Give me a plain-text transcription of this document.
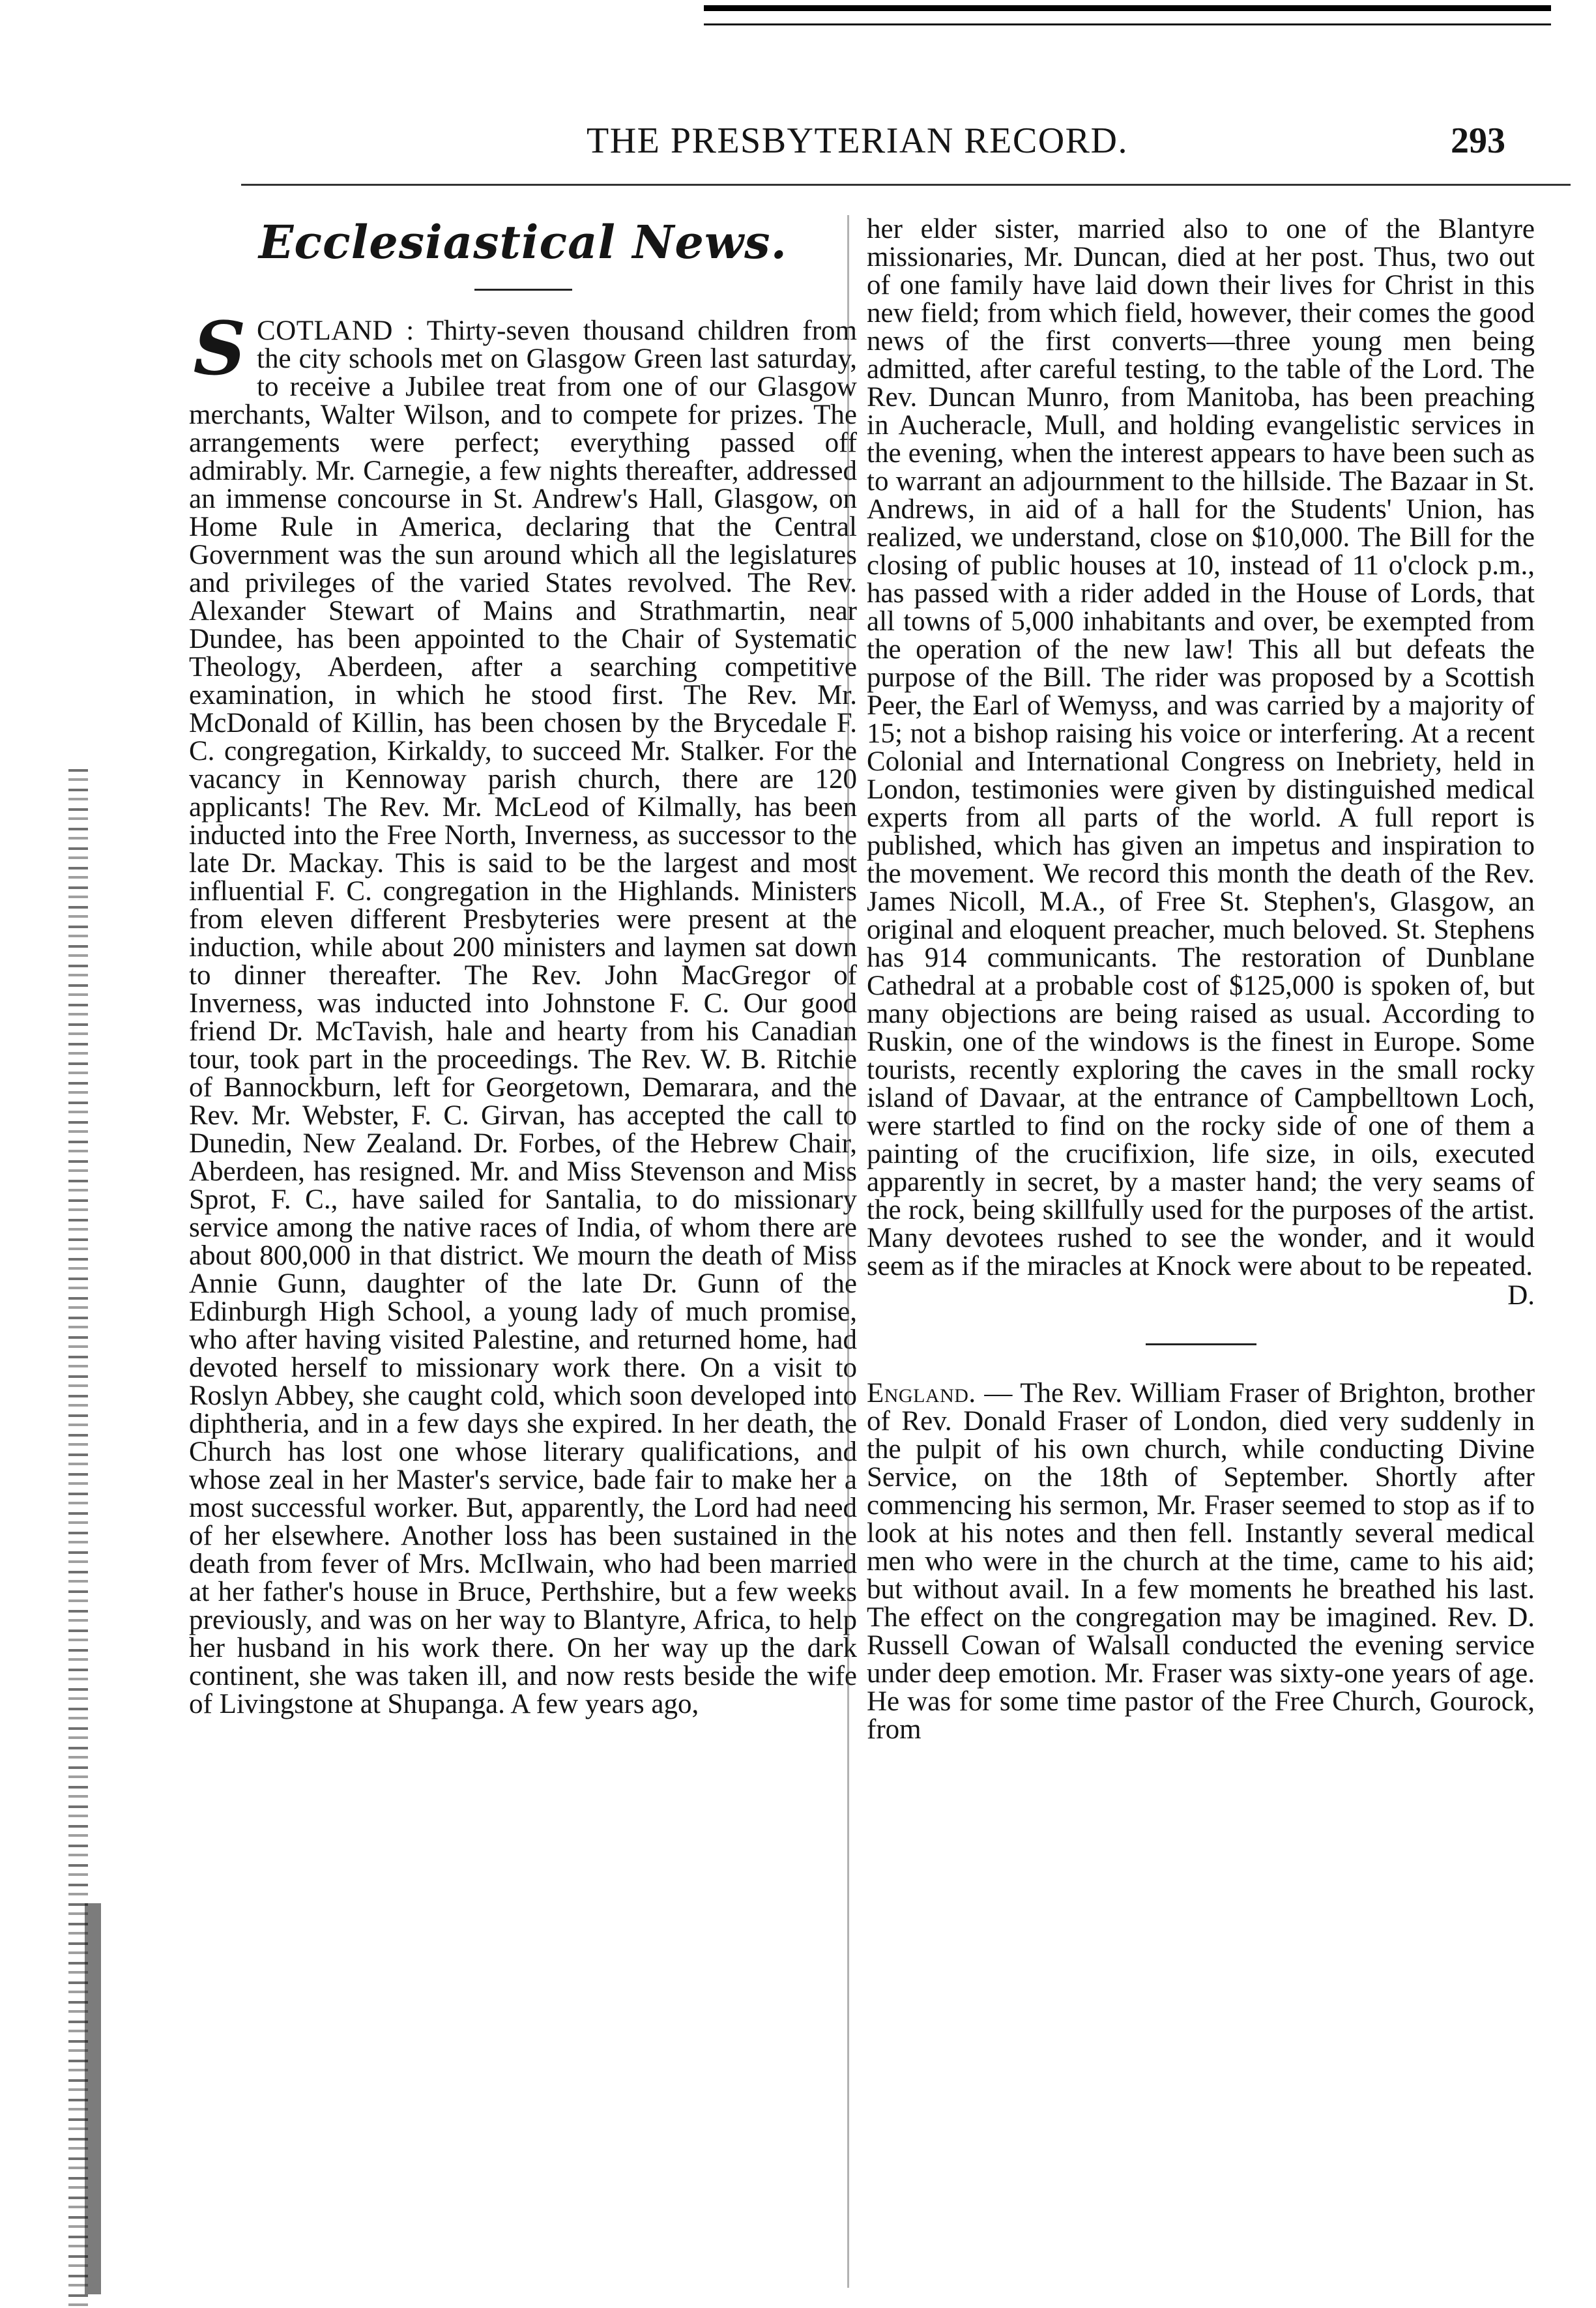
THE PRESBYTERIAN RECORD.	293
Ecclesiastical News.

S COTLAND : Thirty-seven thousand children from the city schools met on Glasgow Green last saturday, to receive a Jubilee treat from one of our Glasgow merchants, Walter Wilson, and to compete for prizes. The arrangements were perfect; everything passed off admirably. Mr. Carnegie, a few nights thereafter, addressed an immense concourse in St. Andrew's Hall, Glasgow, on Home Rule in America, declaring that the Central Government was the sun around which all the legislatures and privileges of the varied States revolved. The Rev. Alexander Stewart of Mains and Strathmartin, near Dundee, has been appointed to the Chair of Systematic Theology, Aberdeen, after a searching competitive examination, in which he stood first. The Rev. Mr. McDonald of Killin, has been chosen by the Brycedale F. C. congregation, Kirkaldy, to succeed Mr. Stalker. For the vacancy in Kennoway parish church, there are 120 applicants! The Rev. Mr. McLeod of Kilmally, has been inducted into the Free North, Inverness, as successor to the late Dr. Mackay. This is said to be the largest and most influential F. C. congregation in the Highlands. Ministers from eleven different Presbyteries were present at the induction, while about 200 ministers and laymen sat down to dinner thereafter. The Rev. John MacGregor of Inverness, was inducted into Johnstone F. C. Our good friend Dr. McTavish, hale and hearty from his Canadian tour, took part in the proceedings. The Rev. W. B. Ritchie of Bannockburn, left for Georgetown, Demarara, and the Rev. Mr. Webster, F. C. Girvan, has accepted the call to Dunedin, New Zealand. Dr. Forbes, of the Hebrew Chair, Aberdeen, has resigned. Mr. and Miss Stevenson and Miss Sprot, F. C., have sailed for Santalia, to do missionary service among the native races of India, of whom there are about 800,000 in that district. We mourn the death of Miss Annie Gunn, daughter of the late Dr. Gunn of the Edinburgh High School, a young lady of much promise, who after having visited Palestine, and returned home, had devoted herself to missionary work there. On a visit to Roslyn Abbey, she caught cold, which soon developed into diphtheria, and in a few days she expired. In her death, the Church has lost one whose literary qualifications, and whose zeal in her Master's service, bade fair to make her a most successful worker. But, apparently, the Lord had need of her elsewhere. Another loss has been sustained in the death from fever of Mrs. McIlwain, who had been married at her father's house in Bruce, Perthshire, but a few weeks previously, and was on her way to Blantyre, Africa, to help her husband in his work there. On her way up the dark continent, she was taken ill, and now rests beside the wife of Livingstone at Shupanga. A few years ago,

her elder sister, married also to one of the Blantyre missionaries, Mr. Duncan, died at her post. Thus, two out of one family have laid down their lives for Christ in this new field; from which field, however, their comes the good news of the first converts—three young men being admitted, after careful testing, to the table of the Lord. The Rev. Duncan Munro, from Manitoba, has been preaching in Aucheracle, Mull, and holding evangelistic services in the evening, when the interest appears to have been such as to warrant an adjournment to the hillside. The Bazaar in St. Andrews, in aid of a hall for the Students' Union, has realized, we understand, close on $10,000. The Bill for the closing of public houses at 10, instead of 11 o'clock p.m., has passed with a rider added in the House of Lords, that all towns of 5,000 inhabitants and over, be exempted from the operation of the new law! This all but defeats the purpose of the Bill. The rider was proposed by a Scottish Peer, the Earl of Wemyss, and was carried by a majority of 15; not a bishop raising his voice or interfering. At a recent Colonial and International Congress on Inebriety, held in London, testimonies were given by distinguished medical experts from all parts of the world. A full report is published, which has given an impetus and inspiration to the movement. We record this month the death of the Rev. James Nicoll, M.A., of Free St. Stephen's, Glasgow, an original and eloquent preacher, much beloved. St. Stephens has 914 communicants. The restoration of Dunblane Cathedral at a probable cost of $125,000 is spoken of, but many objections are being raised as usual. According to Ruskin, one of the windows is the finest in Europe. Some tourists, recently exploring the caves in the small rocky island of Davaar, at the entrance of Campbelltown Loch, were startled to find on the rocky side of one of them a painting of the crucifixion, life size, in oils, executed apparently in secret, by a master hand; the very seams of the rock, being skillfully used for the purposes of the artist. Many devotees rushed to see the wonder, and it would seem as if the miracles at Knock were about to be repeated.
D.

England. — The Rev. William Fraser of Brighton, brother of Rev. Donald Fraser of London, died very suddenly in the pulpit of his own church, while conducting Divine Service, on the 18th of September. Shortly after commencing his sermon, Mr. Fraser seemed to stop as if to look at his notes and then fell. Instantly several medical men who were in the church at the time, came to his aid; but without avail. In a few moments he breathed his last. The effect on the congregation may be imagined. Rev. D. Russell Cowan of Walsall conducted the evening service under deep emotion. Mr. Fraser was sixty-one years of age. He was for some time pastor of the Free Church, Gourock, from
